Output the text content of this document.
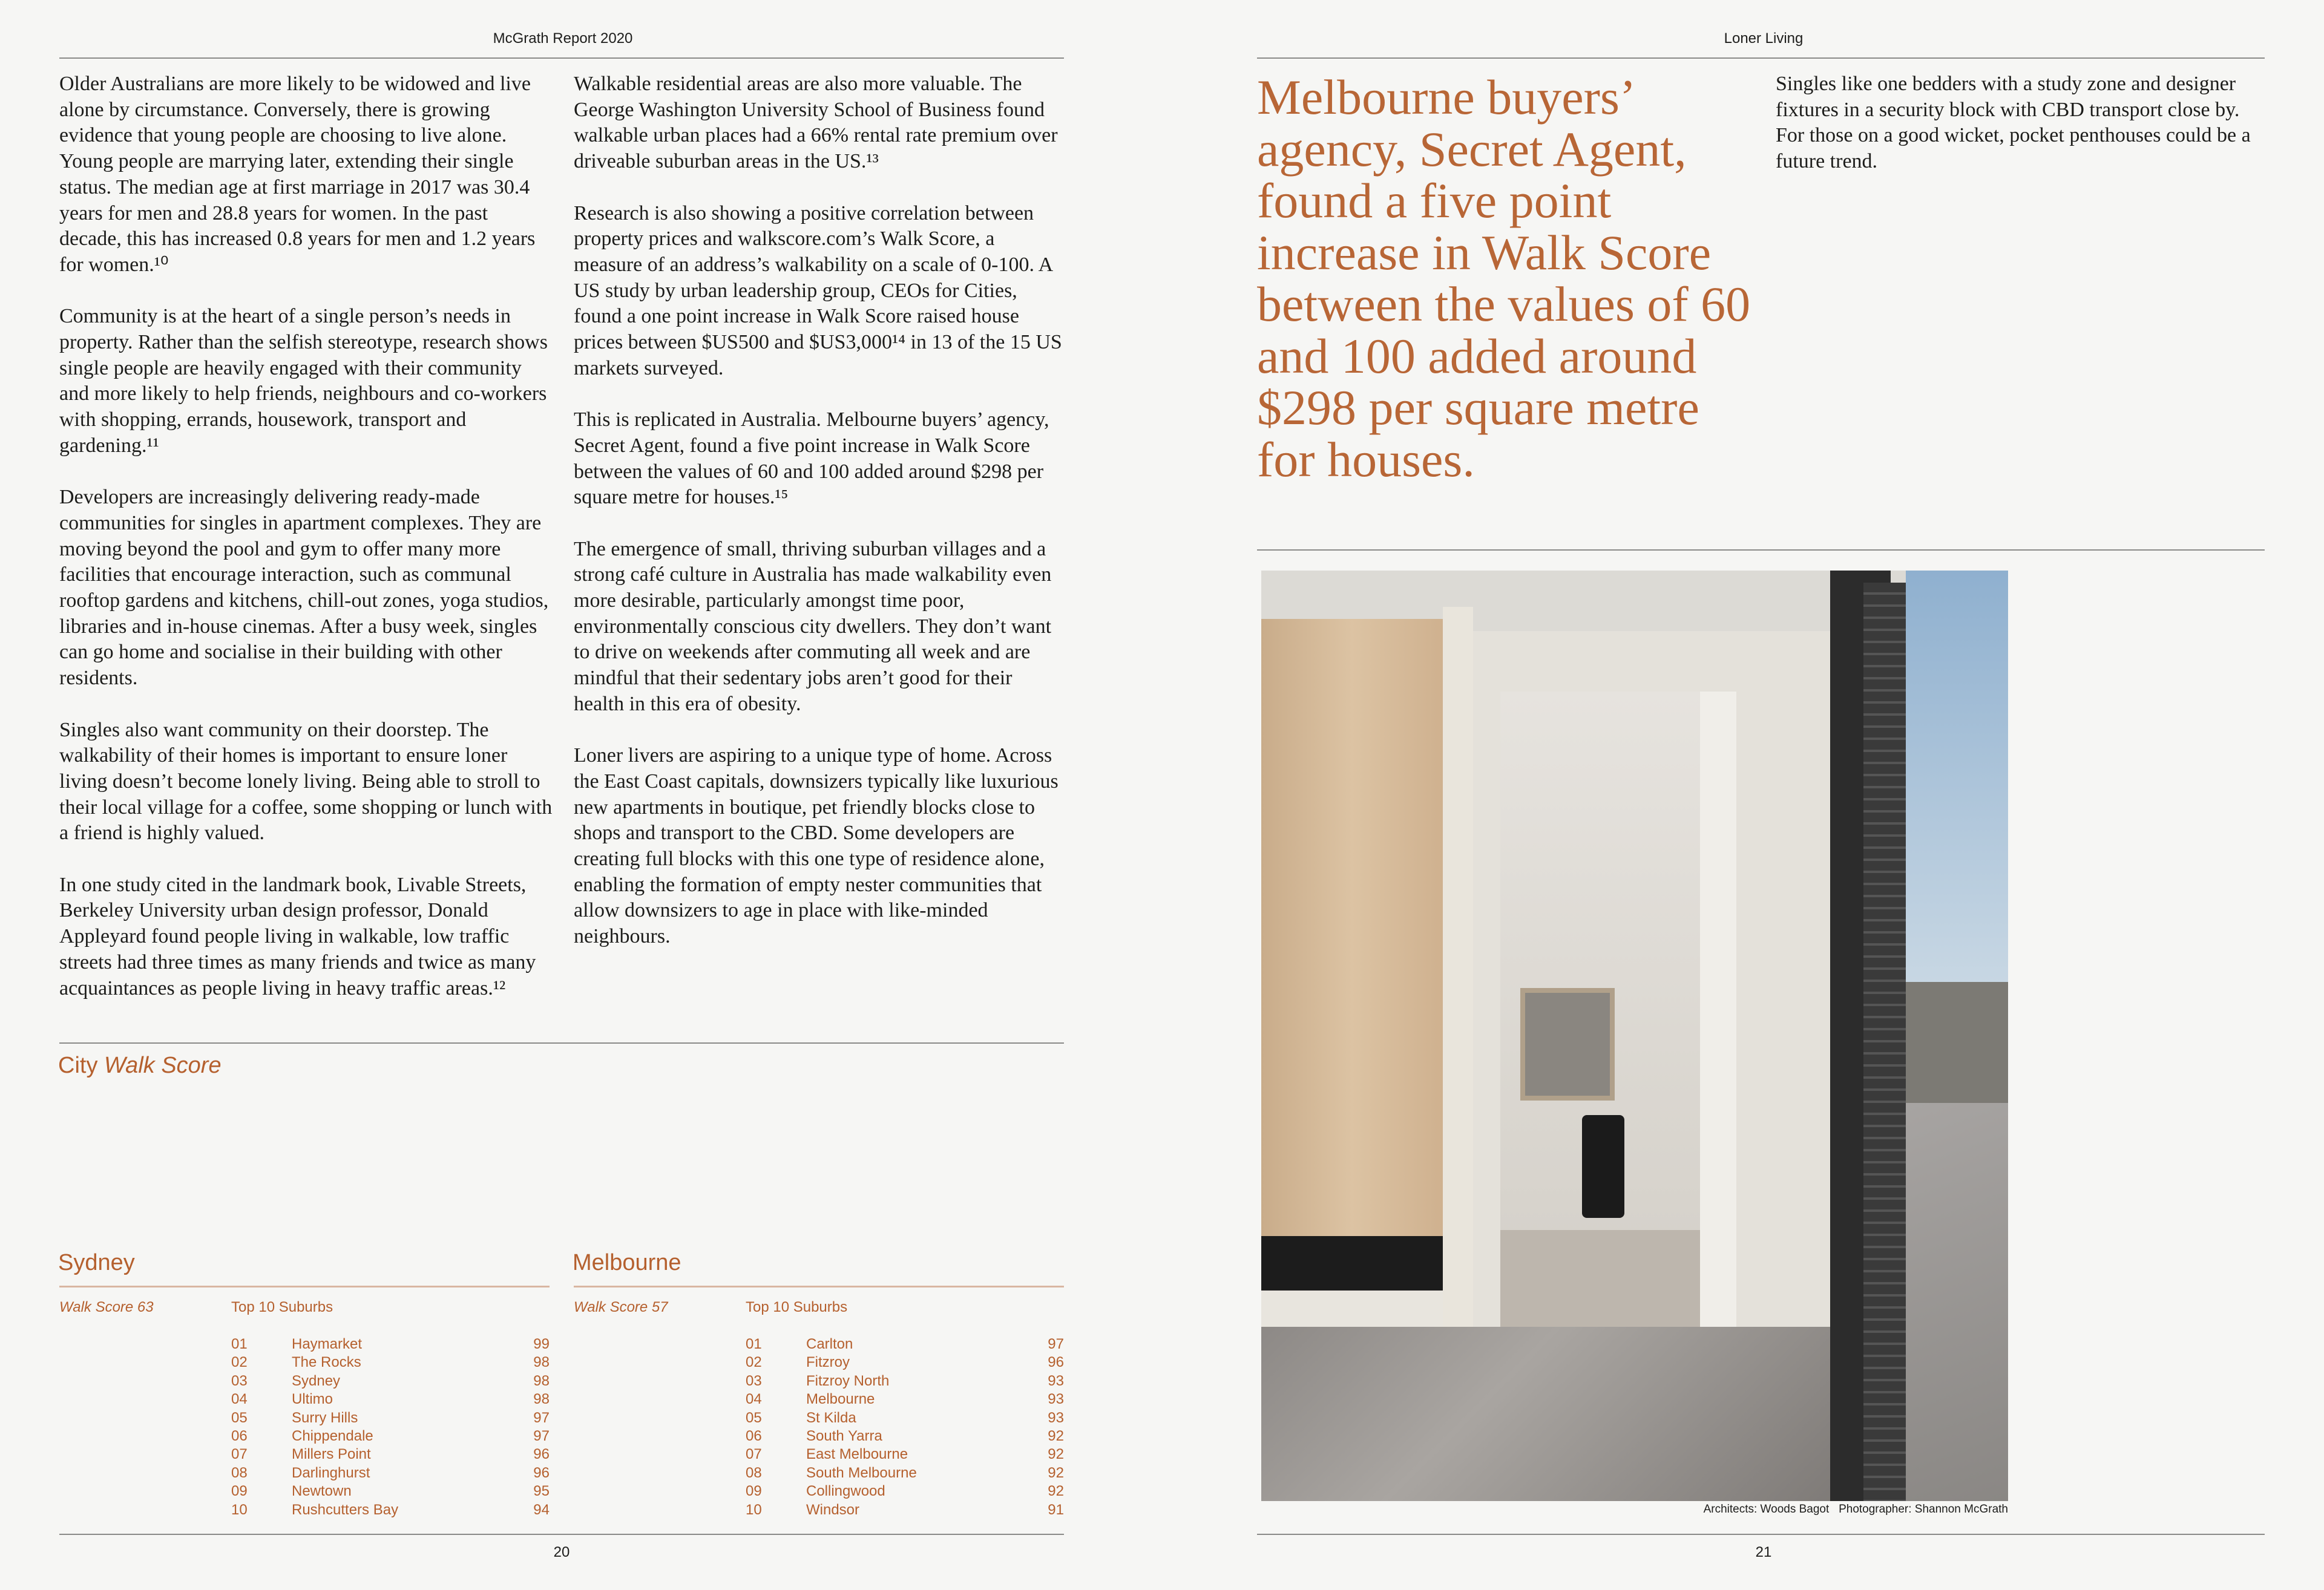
McGrath Report 2020

Older Australians are more likely to be widowed and live alone by circumstance. Conversely, there is growing evidence that young people are choosing to live alone. Young people are marrying later, extending their single status. The median age at first marriage in 2017 was 30.4 years for men and 28.8 years for women. In the past decade, this has increased 0.8 years for men and 1.2 years for women.¹⁰

Community is at the heart of a single person’s needs in property. Rather than the selfish stereotype, research shows single people are heavily engaged with their community and more likely to help friends, neighbours and co-workers with shopping, errands, housework, transport and gardening.¹¹

Developers are increasingly delivering ready-made communities for singles in apartment complexes. They are moving beyond the pool and gym to offer many more facilities that encourage interaction, such as communal rooftop gardens and kitchens, chill-out zones, yoga studios, libraries and in-house cinemas. After a busy week, singles can go home and socialise in their building with other residents.

Singles also want community on their doorstep. The walkability of their homes is important to ensure loner living doesn’t become lonely living. Being able to stroll to their local village for a coffee, some shopping or lunch with a friend is highly valued.

In one study cited in the landmark book, Livable Streets, Berkeley University urban design professor, Donald Appleyard found people living in walkable, low traffic streets had three times as many friends and twice as many acquaintances as people living in heavy traffic areas.¹²

Walkable residential areas are also more valuable. The George Washington University School of Business found walkable urban places had a 66% rental rate premium over driveable suburban areas in the US.¹³

Research is also showing a positive correlation between property prices and walkscore.com’s Walk Score, a measure of an address’s walkability on a scale of 0-100. A US study by urban leadership group, CEOs for Cities, found a one point increase in Walk Score raised house prices between $US500 and $US3,000¹⁴ in 13 of the 15 US markets surveyed.

This is replicated in Australia. Melbourne buyers’ agency, Secret Agent, found a five point increase in Walk Score between the values of 60 and 100 added around $298 per square metre for houses.¹⁵

The emergence of small, thriving suburban villages and a strong café culture in Australia has made walkability even more desirable, particularly amongst time poor, environmentally conscious city dwellers. They don’t want to drive on weekends after commuting all week and are mindful that their sedentary jobs aren’t good for their health in this era of obesity.

Loner livers are aspiring to a unique type of home. Across the East Coast capitals, downsizers typically like luxurious new apartments in boutique, pet friendly blocks close to shops and transport to the CBD. Some developers are creating full blocks with this one type of residence alone, enabling the formation of empty nester communities that allow downsizers to age in place with like-minded neighbours.

City Walk Score
Sydney
Walk Score 63	Top 10 Suburbs
01	Haymarket	99
02	The Rocks	98
03	Sydney	98
04	Ultimo	98
05	Surry Hills	97
06	Chippendale	97
07	Millers Point	96
08	Darlinghurst	96
09	Newtown	95
10	Rushcutters Bay	94
Melbourne
Walk Score 57	Top 10 Suburbs
01	Carlton	97
02	Fitzroy	96
03	Fitzroy North	93
04	Melbourne	93
05	St Kilda	93
06	South Yarra	92
07	East Melbourne	92
08	South Melbourne	92
09	Collingwood	92
10	Windsor	91
20
Loner Living
Melbourne buyers’ agency, Secret Agent, found a five point increase in Walk Score between the values of 60 and 100 added around $298 per square metre for houses.
Singles like one bedders with a study zone and designer fixtures in a security block with CBD transport close by. For those on a good wicket, pocket penthouses could be a future trend.
Architects: Woods Bagot   Photographer: Shannon McGrath
21
